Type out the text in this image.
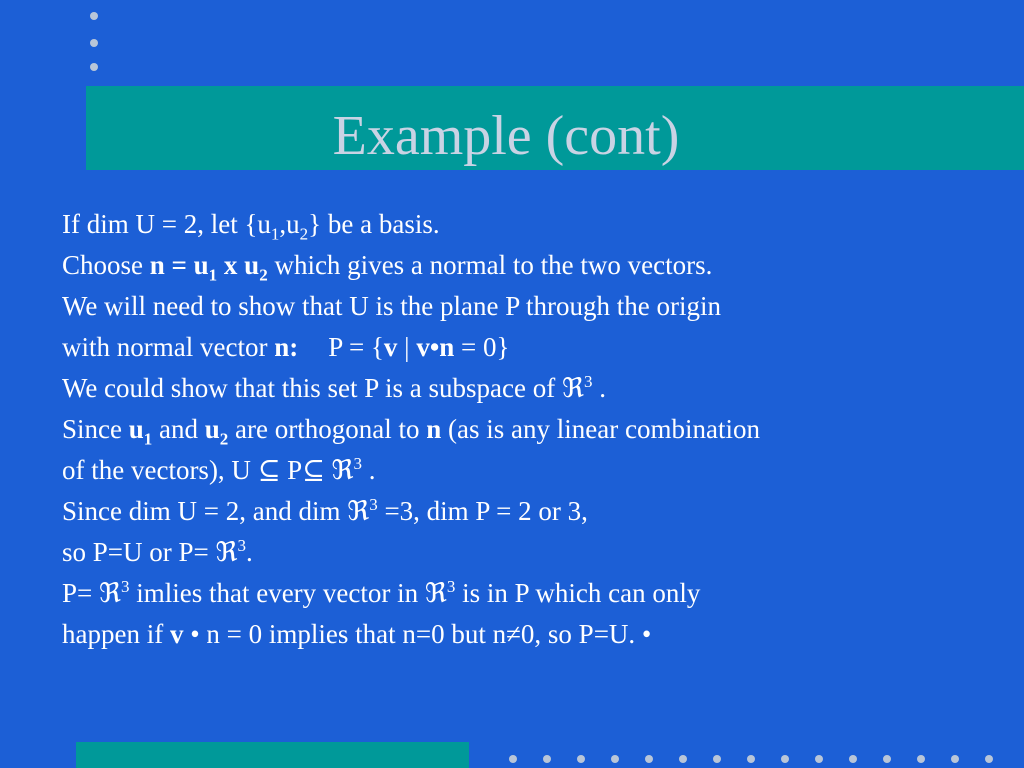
Example (cont)
If dim U = 2, let $\{u_1,u_2\}$ be a basis.
Choose $n = u_1$ x $u_2$ which gives a normal to the two vectors.
We will need to show that U is the plane P through the origin
with normal vector n: P = {v | v•n = 0}
We could show that this set P is a subspace of ℜ$^3$ .
Since $u_1$ and $u_2$ are orthogonal to n (as is any linear combination
of the vectors), U ⊆ P⊆ ℜ$^3$ .
Since dim U = 2, and dim ℜ$^3$ =3, dim P = 2 or 3,
so P=U or P= ℜ$^3$.
P= ℜ$^3$ imlies that every vector in ℜ$^3$ is in P which can only
happen if v • n = 0 implies that n=0 but n≠0, so P=U. •
